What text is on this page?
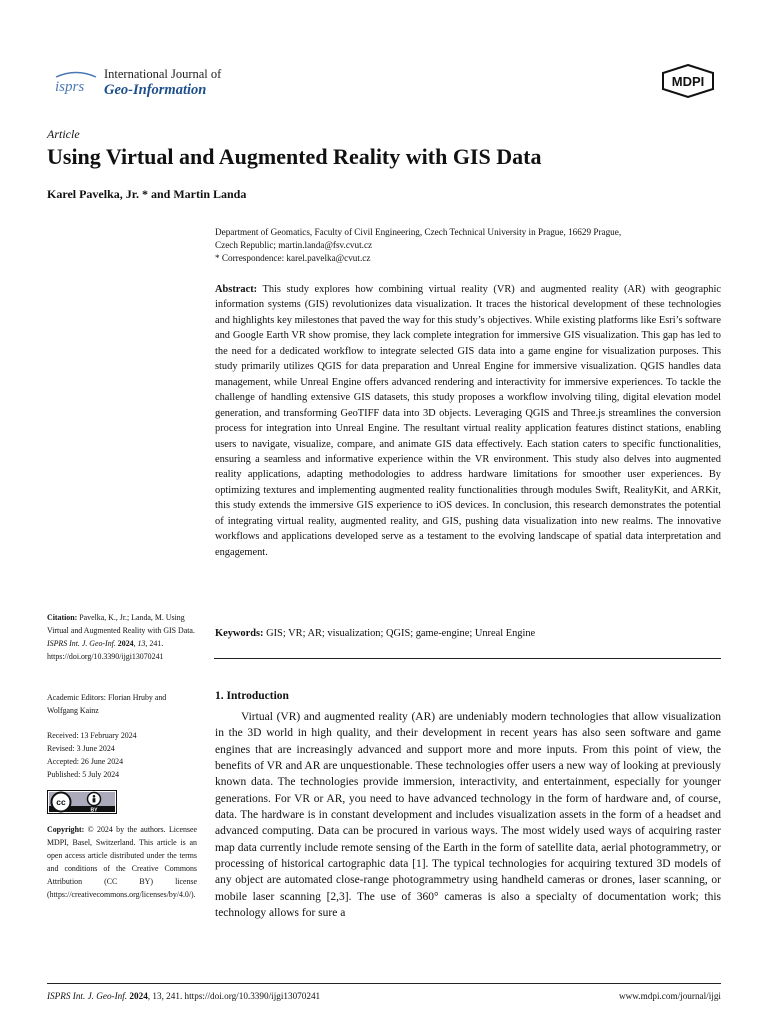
isprs
International Journal of
Geo-Information
MDPI
Article
Using Virtual and Augmented Reality with GIS Data
Karel Pavelka, Jr. * and Martin Landa
Department of Geomatics, Faculty of Civil Engineering, Czech Technical University in Prague, 16629 Prague,
Czech Republic; martin.landa@fsv.cvut.cz
* Correspondence: karel.pavelka@cvut.cz
Abstract: This study explores how combining virtual reality (VR) and augmented reality (AR) with geographic information systems (GIS) revolutionizes data visualization. It traces the historical development of these technologies and highlights key milestones that paved the way for this study’s objectives. While existing platforms like Esri’s software and Google Earth VR show promise, they lack complete integration for immersive GIS visualization. This gap has led to the need for a dedicated workflow to integrate selected GIS data into a game engine for visualization purposes. This study primarily utilizes QGIS for data preparation and Unreal Engine for immersive visualization. QGIS handles data management, while Unreal Engine offers advanced rendering and interactivity for immersive experiences. To tackle the challenge of handling extensive GIS datasets, this study proposes a workflow involving tiling, digital elevation model generation, and transforming GeoTIFF data into 3D objects. Leveraging QGIS and Three.js streamlines the conversion process for integration into Unreal Engine. The resultant virtual reality application features distinct stations, enabling users to navigate, visualize, compare, and animate GIS data effectively. Each station caters to specific functionalities, ensuring a seamless and informative experience within the VR environment. This study also delves into augmented reality applications, adapting methodologies to address hardware limitations for smoother user experiences. By optimizing textures and implementing augmented reality functionalities through modules Swift, RealityKit, and ARKit, this study extends the immersive GIS experience to iOS devices. In conclusion, this research demonstrates the potential of integrating virtual reality, augmented reality, and GIS, pushing data visualization into new realms. The innovative workflows and applications developed serve as a testament to the evolving landscape of spatial data interpretation and engagement.
Keywords: GIS; VR; AR; visualization; QGIS; game-engine; Unreal Engine
1. Introduction

Virtual (VR) and augmented reality (AR) are undeniably modern technologies that allow visualization in the 3D world in high quality, and their development in recent years has also seen software and game engines that are increasingly advanced and support more and more inputs. From this point of view, the benefits of VR and AR are unquestionable. These technologies offer users a new way of looking at previously known data. The technologies provide immersion, interactivity, and entertainment, especially for younger generations. For VR or AR, you need to have advanced technology in the form of hardware and, of course, data. The hardware is in constant development and includes visualization assets in the form of a headset and advanced computing. Data can be procured in various ways. The most widely used ways of acquiring raster map data currently include remote sensing of the Earth in the form of satellite data, aerial photogrammetry, or processing of historical cartographic data [1]. The typical technologies for acquiring textured 3D models of any object are automated close-range photogrammetry using handheld cameras or drones, laser scanning, or mobile laser scanning [2,3]. The use of 360° cameras is also a specialty of documentation work; this technology allows for sure a

Citation: Pavelka, K., Jr.; Landa, M. Using Virtual and Augmented Reality with GIS Data. ISPRS Int. J. Geo-Inf. 2024, 13, 241. https://doi.org/10.3390/ijgi13070241
Academic Editors: Florian Hruby and Wolfgang Kainz
Received: 13 February 2024
Revised: 3 June 2024
Accepted: 26 June 2024
Published: 5 July 2024
cc
BY
Copyright: © 2024 by the authors. Licensee MDPI, Basel, Switzerland. This article is an open access article distributed under the terms and conditions of the Creative Commons Attribution (CC BY) license (https://creativecommons.org/licenses/by/4.0/).
ISPRS Int. J. Geo-Inf. 2024, 13, 241. https://doi.org/10.3390/ijgi13070241	www.mdpi.com/journal/ijgi
